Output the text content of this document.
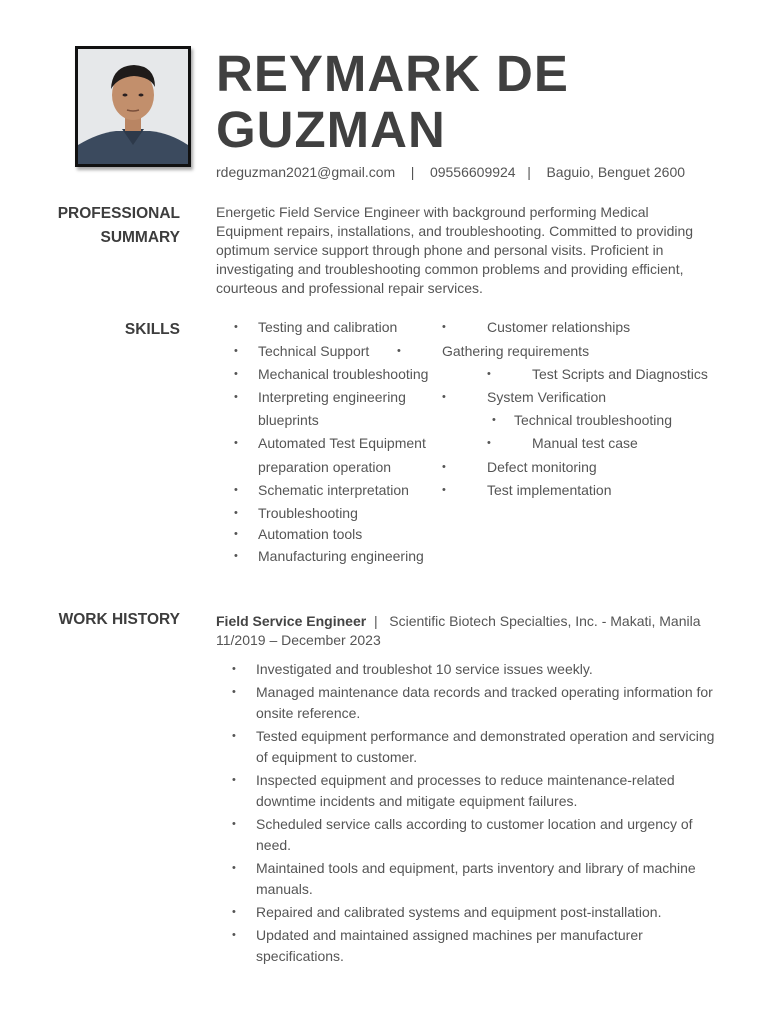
REYMARK DE GUZMAN
rdeguzman2021@gmail.com    |    09556609924   |    Baguio, Benguet 2600
PROFESSIONAL
SUMMARY

Energetic Field Service Engineer with background performing Medical Equipment repairs, installations, and troubleshooting. Committed to providing optimum service support through phone and personal visits. Proficient in investigating and troubleshooting common problems and providing efficient, courteous and professional repair services.

SKILLS	• Testing and calibration	•	Customer relationships
• Technical Support	•	Gathering requirements
• Mechanical troubleshooting	•	Test Scripts and Diagnostics
• Interpreting engineering	•	System Verification
blueprints	• Technical troubleshooting
• Automated Test Equipment	•	Manual test case
preparation operation	•	Defect monitoring
• Schematic interpretation	•	Test implementation
• Troubleshooting
• Automation tools
• Manufacturing engineering
WORK HISTORY	Field Service Engineer  |   Scientific Biotech Specialties, Inc. - Makati, Manila
11/2019 – December 2023
• Investigated and troubleshot 10 service issues weekly.
• Managed maintenance data records and tracked operating information for onsite reference.
• Tested equipment performance and demonstrated operation and servicing of equipment to customer.
• Inspected equipment and processes to reduce maintenance-related downtime incidents and mitigate equipment failures.
• Scheduled service calls according to customer location and urgency of need.
• Maintained tools and equipment, parts inventory and library of machine manuals.
• Repaired and calibrated systems and equipment post-installation.
• Updated and maintained assigned machines per manufacturer specifications.
